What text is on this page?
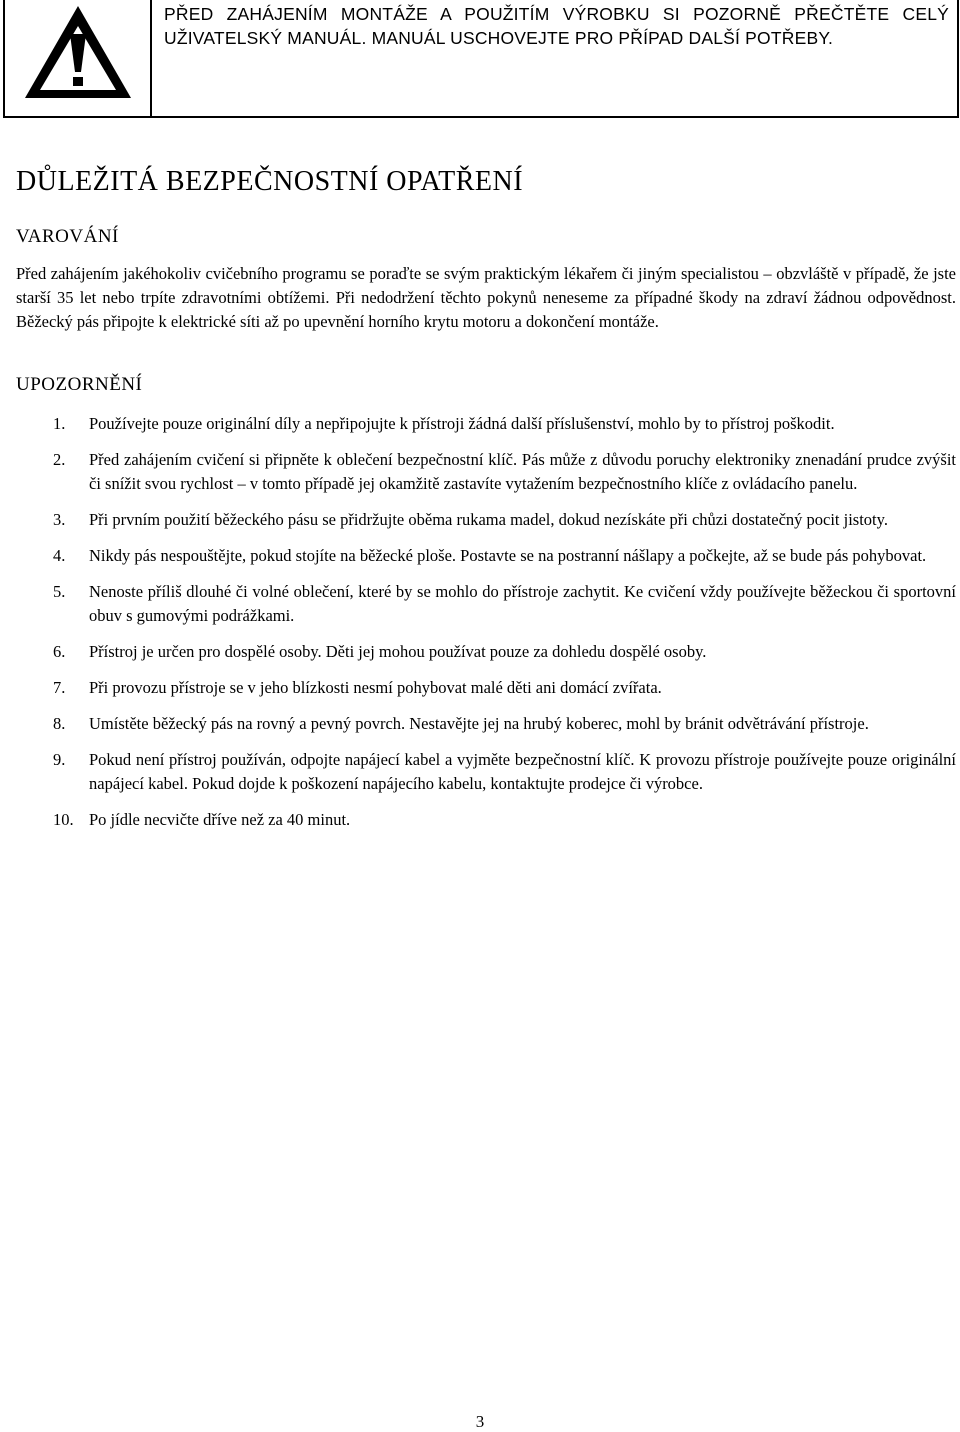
PŘED ZAHÁJENÍM MONTÁŽE A POUŽITÍM VÝROBKU SI POZORNĚ PŘEČTĚTE CELÝ UŽIVATELSKÝ MANUÁL. MANUÁL USCHOVEJTE PRO PŘÍPAD DALŠÍ POTŘEBY.
DŮLEŽITÁ BEZPEČNOSTNÍ OPATŘENÍ
VAROVÁNÍ

Před zahájením jakéhokoliv cvičebního programu se poraďte se svým praktickým lékařem či jiným specialistou – obzvláště v případě, že jste starší 35 let nebo trpíte zdravotními obtížemi. Při nedodržení těchto pokynů neneseme za případné škody na zdraví žádnou odpovědnost. Běžecký pás připojte k elektrické síti až po upevnění horního krytu motoru a dokončení montáže.

UPOZORNĚNÍ
1.	Používejte pouze originální díly a nepřipojujte k přístroji žádná další příslušenství, mohlo by to přístroj poškodit.
2.	Před zahájením cvičení si připněte k oblečení bezpečnostní klíč. Pás může z důvodu poruchy elektroniky znenadání prudce zvýšit či snížit svou rychlost – v tomto případě jej okamžitě zastavíte vytažením bezpečnostního klíče z ovládacího panelu.
3.	Při prvním použití běžeckého pásu se přidržujte oběma rukama madel, dokud nezískáte při chůzi dostatečný pocit jistoty.
4.	Nikdy pás nespouštějte, pokud stojíte na běžecké ploše. Postavte se na postranní nášlapy a počkejte, až se bude pás pohybovat.
5.	Nenoste příliš dlouhé či volné oblečení, které by se mohlo do přístroje zachytit. Ke cvičení vždy používejte běžeckou či sportovní obuv s gumovými podrážkami.
6.	Přístroj je určen pro dospělé osoby. Děti jej mohou používat pouze za dohledu dospělé osoby.
7.	Při provozu přístroje se v jeho blízkosti nesmí pohybovat malé děti ani domácí zvířata.
8.	Umístěte běžecký pás na rovný a pevný povrch. Nestavějte jej na hrubý koberec, mohl by bránit odvětrávání přístroje.
9.	Pokud není přístroj používán, odpojte napájecí kabel a vyjměte bezpečnostní klíč. K provozu přístroje používejte pouze originální napájecí kabel. Pokud dojde k poškození napájecího kabelu, kontaktujte prodejce či výrobce.
10. Po jídle necvičte dříve než za 40 minut.

3
